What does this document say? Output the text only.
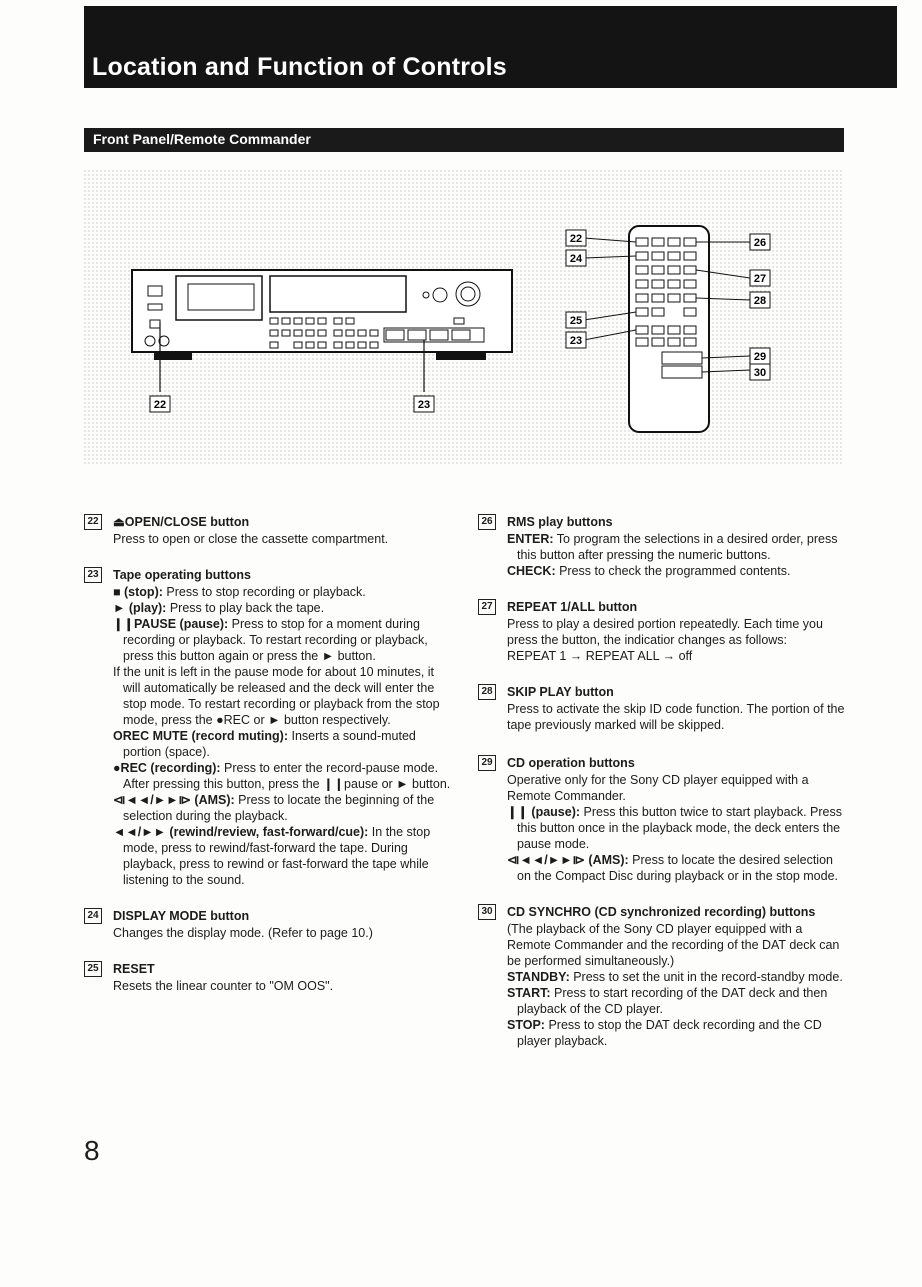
Location and Function of Controls
Front Panel/Remote Commander
22	23
22
24
25
23
26
27
28
29
30
22 ⏏OPEN/CLOSE button

Press to open or close the cassette compartment.

23 Tape operating buttons

■ (stop): Press to stop recording or playback.

► (play): Press to play back the tape.

❙❙PAUSE (pause): Press to stop for a moment during recording or playback. To restart recording or playback, press this button again or press the ► button.

If the unit is left in the pause mode for about 10 minutes, it will automatically be released and the deck will enter the stop mode. To restart recording or playback from the stop mode, press the ●REC or ► button respectively.

OREC MUTE (record muting): Inserts a sound-muted portion (space).

●REC (recording): Press to enter the record-pause mode. After pressing this button, press the ❙❙pause or ► button.

⧏◄◄/►►⧐ (AMS): Press to locate the beginning of the selection during the playback.

◄◄/►► (rewind/review, fast-forward/cue): In the stop mode, press to rewind/fast-forward the tape. During playback, press to rewind or fast-forward the tape while listening to the sound.

24 DISPLAY MODE button

Changes the display mode. (Refer to page 10.)

25 RESET

Resets the linear counter to "OM OOS".

26 RMS play buttons

ENTER: To program the selections in a desired order, press this button after pressing the numeric buttons.

CHECK: Press to check the programmed contents.

27 REPEAT 1/ALL button

Press to play a desired portion repeatedly. Each time you press the button, the indicatior changes as follows:

REPEAT 1 → REPEAT ALL → off

28 SKIP PLAY button

Press to activate the skip ID code function. The portion of the tape previously marked will be skipped.

29 CD operation buttons

Operative only for the Sony CD player equipped with a Remote Commander.

❙❙ (pause): Press this button twice to start playback. Press this button once in the playback mode, the deck enters the pause mode.

⧏◄◄/►►⧐ (AMS): Press to locate the desired selection on the Compact Disc during playback or in the stop mode.

30 CD SYNCHRO (CD synchronized recording) buttons

(The playback of the Sony CD player equipped with a Remote Commander and the recording of the DAT deck can be performed simultaneously.)

STANDBY: Press to set the unit in the record-standby mode.

START: Press to start recording of the DAT deck and then playback of the CD player.

STOP: Press to stop the DAT deck recording and the CD player playback.

8
